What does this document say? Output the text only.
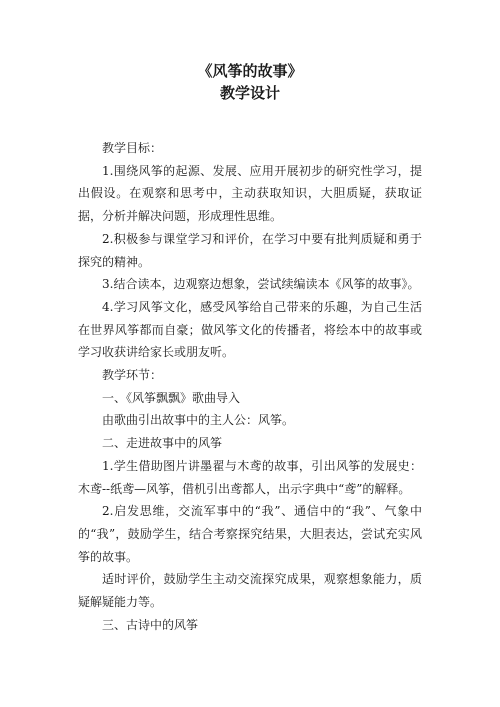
《风筝的故事》
教学设计

教学目标：

1.围绕风筝的起源、发展、应用开展初步的研究性学习，提出假设。在观察和思考中，主动获取知识，大胆质疑，获取证据，分析并解决问题，形成理性思维。

2.积极参与课堂学习和评价，在学习中要有批判质疑和勇于探究的精神。

3.结合读本，边观察边想象，尝试续编读本《风筝的故事》。

4.学习风筝文化，感受风筝给自己带来的乐趣，为自己生活在世界风筝都而自豪；做风筝文化的传播者，将绘本中的故事或学习收获讲给家长或朋友听。

教学环节：

一、《风筝飘飘》歌曲导入

由歌曲引出故事中的主人公：风筝。

二、走进故事中的风筝

1.学生借助图片讲墨翟与木鸢的故事，引出风筝的发展史：木鸢--纸鸢—风筝，借机引出鸢都人，出示字典中“鸢”的解释。

2.启发思维，交流军事中的“我”、通信中的“我”、气象中的“我”，鼓励学生，结合考察探究结果，大胆表达，尝试充实风筝的故事。

适时评价，鼓励学生主动交流探究成果，观察想象能力，质疑解疑能力等。

三、古诗中的风筝
